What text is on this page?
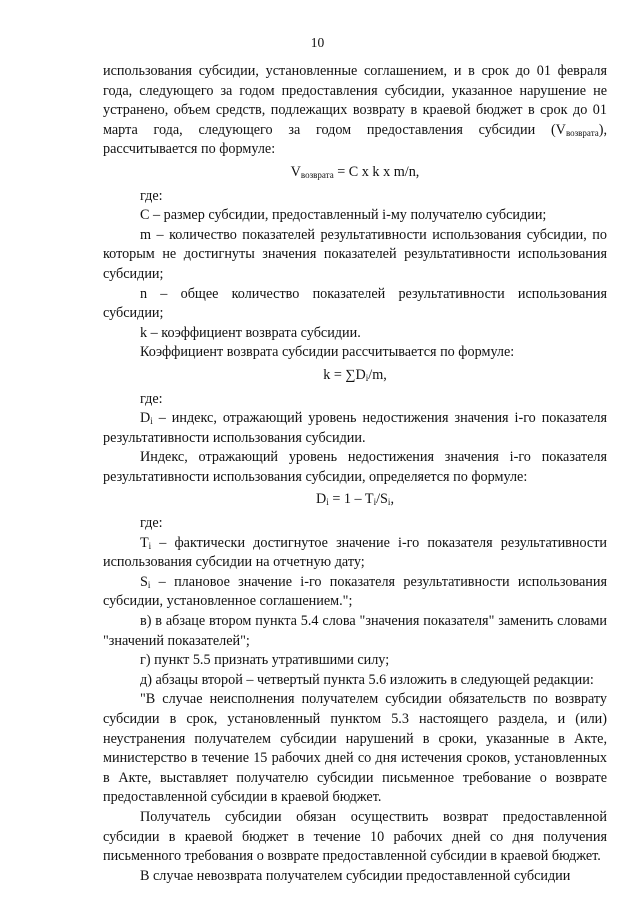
10

использования субсидии, установленные соглашением, и в срок до 01 февраля года, следующего за годом предоставления субсидии, указанное нарушение не устранено, объем средств, подлежащих возврату в краевой бюджет в срок до 01 марта года, следующего за годом предоставления субсидии $(V_{возврата})$, рассчитывается по формуле:

$V_{возврата} = C$ x k x m/n,

где:

С – размер субсидии, предоставленный i-му получателю субсидии;

m – количество показателей результативности использования субсидии, по которым не достигнуты значения показателей результативности использования субсидии;

n – общее количество показателей результативности использования субсидии;

k – коэффициент возврата субсидии.

Коэффициент возврата субсидии рассчитывается по формуле:

$k = \sum D_i/m$,

где:

$D_i$ – индекс, отражающий уровень недостижения значения i-го показателя результативности использования субсидии.

Индекс, отражающий уровень недостижения значения i-го показателя результативности использования субсидии, определяется по формуле:

$D_i = 1 - T_i/S_i$,

где:

$T_i$ – фактически достигнутое значение i-го показателя результативности использования субсидии на отчетную дату;

$S_i$ – плановое значение i-го показателя результативности использования субсидии, установленное соглашением.";

в) в абзаце втором пункта 5.4 слова "значения показателя" заменить словами "значений показателей";

г) пункт 5.5 признать утратившими силу;

д) абзацы второй – четвертый пункта 5.6 изложить в следующей редакции:

"В случае неисполнения получателем субсидии обязательств по возврату субсидии в срок, установленный пунктом 5.3 настоящего раздела, и (или) неустранения получателем субсидии нарушений в сроки, указанные в Акте, министерство в течение 15 рабочих дней со дня истечения сроков, установленных в Акте, выставляет получателю субсидии письменное требование о возврате предоставленной субсидии в краевой бюджет.

Получатель субсидии обязан осуществить возврат предоставленной субсидии в краевой бюджет в течение 10 рабочих дней со дня получения письменного требования о возврате предоставленной субсидии в краевой бюджет.

В случае невозврата получателем субсидии предоставленной субсидии
